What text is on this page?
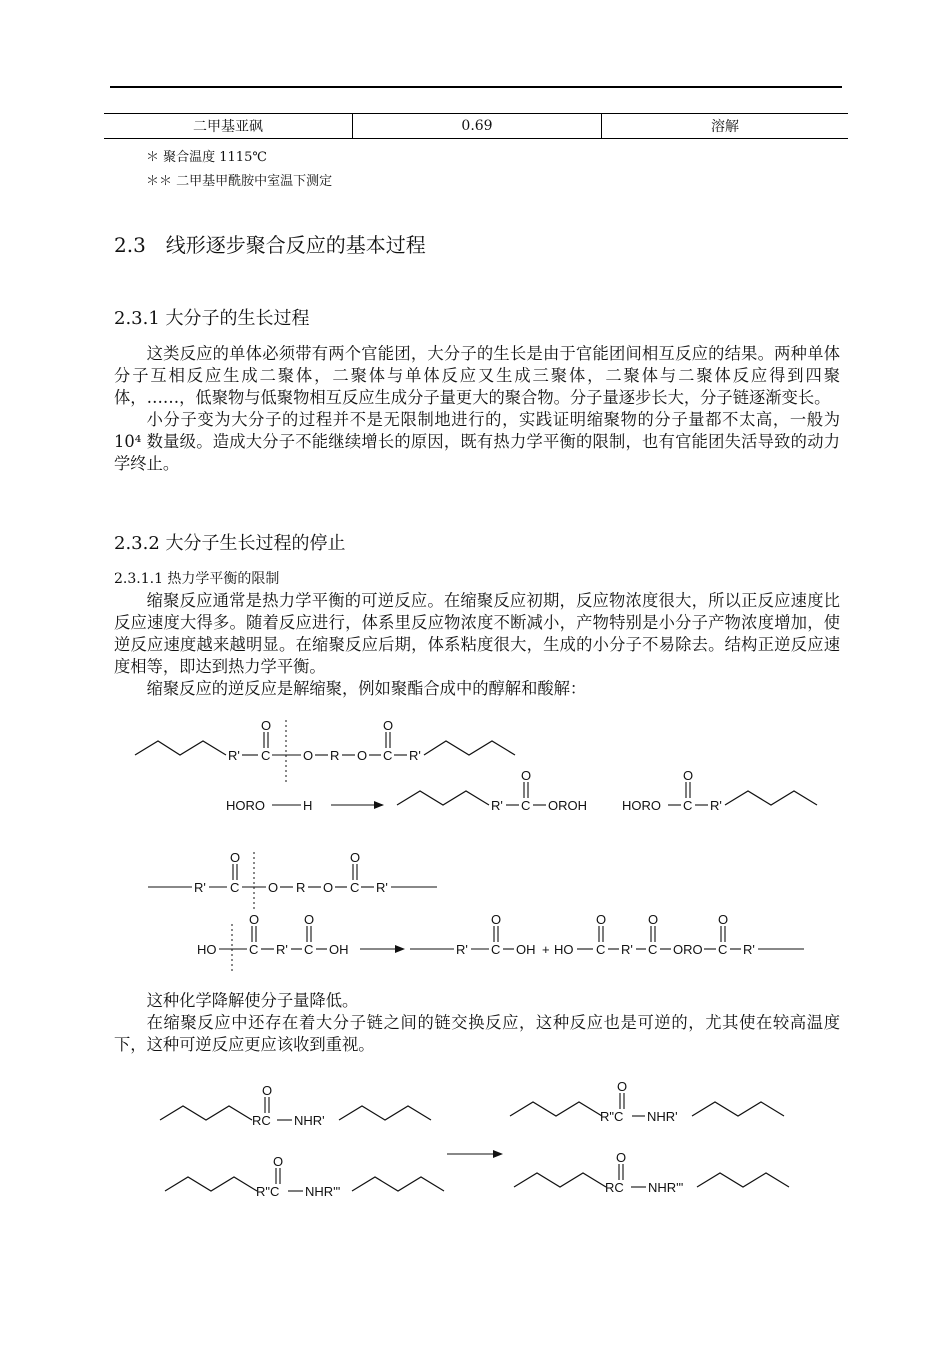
二甲基亚砜	0.69	溶解
＊ 聚合温度 1115℃
＊＊ 二甲基甲酰胺中室温下测定
2.3　线形逐步聚合反应的基本过程
2.3.1 大分子的生长过程

这类反应的单体必须带有两个官能团，大分子的生长是由于官能团间相互反应的结果。两种单体分子互相反应生成二聚体，二聚体与单体反应又生成三聚体，二聚体与二聚体反应得到四聚体，……，低聚物与低聚物相互反应生成分子量更大的聚合物。分子量逐步长大，分子链逐渐变长。

小分子变为大分子的过程并不是无限制地进行的，实践证明缩聚物的分子量都不太高，一般为 10⁴ 数量级。造成大分子不能继续增长的原因，既有热力学平衡的限制，也有官能团失活导致的动力学终止。

2.3.2 大分子生长过程的停止
2.3.1.1 热力学平衡的限制

缩聚反应通常是热力学平衡的可逆反应。在缩聚反应初期，反应物浓度很大，所以正反应速度比反应速度大得多。随着反应进行，体系里反应物浓度不断减小，产物特别是小分子产物浓度增加，使逆反应速度越来越明显。在缩聚反应后期，体系粘度很大，生成的小分子不易除去。结构正逆反应速度相等，即达到热力学平衡。

缩聚反应的逆反应是解缩聚，例如聚酯合成中的醇解和酸解：

R' C
O
O R O C
O
R'
HORO	H	R' C
O
OROH	HORO C
O
R'
R' C
O
O R O C
O
R'
HO	C
O
R' C
O
OH	R' C
O
OH + HO C
O
R' C
O
ORO C
O
R'
RC
O
NHR'
R"C
O
NHR'"
R"C
O
NHR'
RC
O
NHR'"

这种化学降解使分子量降低。

在缩聚反应中还存在着大分子链之间的链交换反应，这种反应也是可逆的，尤其使在较高温度下，这种可逆反应更应该收到重视。
